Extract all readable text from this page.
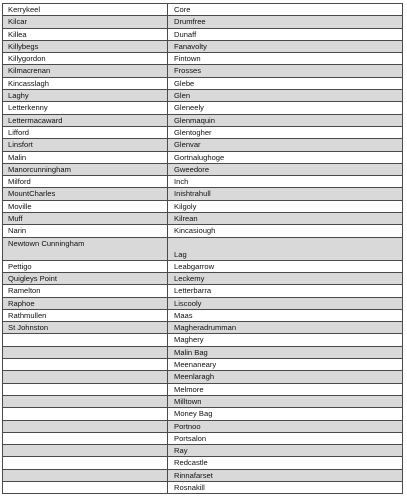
Kerrykeel	Core
Kilcar	Drumfree
Killea	Dunaff
Killybegs	Fanavolty
Killygordon	Fintown
Kilmacrenan	Frosses
Kincasslagh	Glebe
Laghy	Glen
Letterkenny	Gleneely
Lettermacaward	Glenmaquin
Lifford	Glentogher
Linsfort	Glenvar
Malin	Gortnalughoge
Manorcunningham	Gweedore
Milford	Inch
MountCharles	Inishtrahull
Moville	Kilgoly
Muff	Kilrean
Narin	Kincasiough
Newtown Cunningham	Lag
Pettigo	Leabgarrow
Quigleys Point	Leckemy
Ramelton	Letterbarra
Raphoe	Liscooly
Rathmullen	Maas
St Johnston	Magheradrumman
	Maghery
	Malin Bag
	Meenaneary
	Meenlaragh
	Melmore
	Milltown
	Money Bag
	Portnoo
	Portsalon
	Ray
	Redcastle
	Rinnafarset
	Rosnakill
